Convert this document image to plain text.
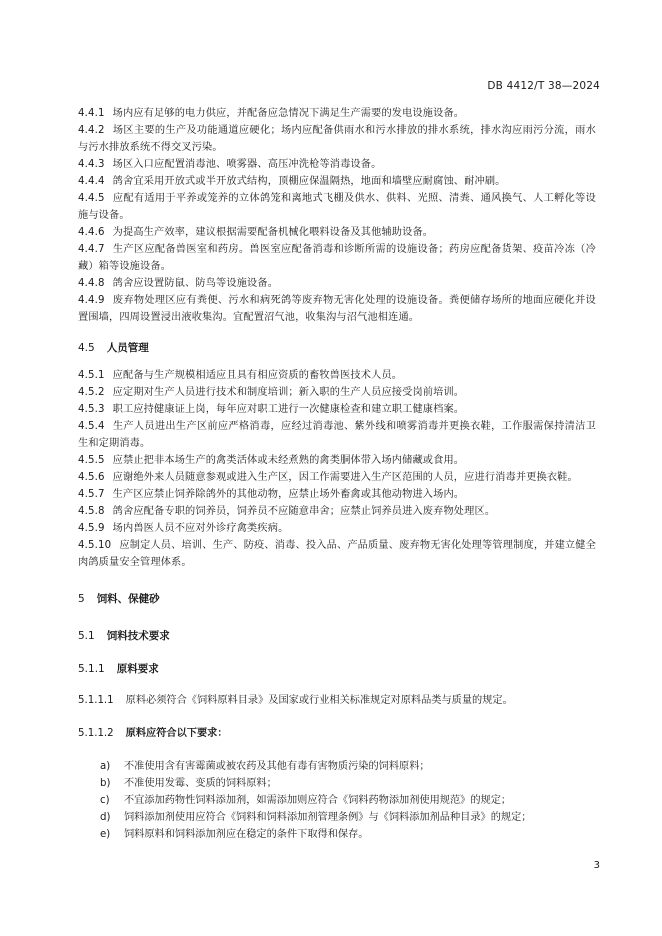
DB 4412/T 38—2024

4.4.1 场内应有足够的电力供应，并配备应急情况下满足生产需要的发电设施设备。

4.4.2 场区主要的生产及功能通道应硬化；场内应配备供雨水和污水排放的排水系统，排水沟应雨污分流，雨水与污水排放系统不得交叉污染。

4.4.3 场区入口应配置消毒池、喷雾器、高压冲洗枪等消毒设备。

4.4.4 鸽舍宜采用开放式或半开放式结构，顶棚应保温隔热，地面和墙壁应耐腐蚀、耐冲刷。

4.4.5 应配有适用于平养或笼养的立体鸽笼和离地式飞棚及供水、供料、光照、清粪、通风换气、人工孵化等设施与设备。

4.4.6 为提高生产效率，建议根据需要配备机械化喂料设备及其他辅助设备。

4.4.7 生产区应配备兽医室和药房。兽医室应配备消毒和诊断所需的设施设备；药房应配备货架、疫苗冷冻（冷藏）箱等设施设备。

4.4.8 鸽舍应设置防鼠、防鸟等设施设备。

4.4.9 废弃物处理区应有粪便、污水和病死鸽等废弃物无害化处理的设施设备。粪便储存场所的地面应硬化并设置围墙，四周设置浸出液收集沟。宜配置沼气池，收集沟与沼气池相连通。

4.5 人员管理

4.5.1 应配备与生产规模相适应且具有相应资质的畜牧兽医技术人员。

4.5.2 应定期对生产人员进行技术和制度培训；新入职的生产人员应接受岗前培训。

4.5.3 职工应持健康证上岗，每年应对职工进行一次健康检查和建立职工健康档案。

4.5.4 生产人员进出生产区前应严格消毒，应经过消毒池、紫外线和喷雾消毒并更换衣鞋，工作服需保持清洁卫生和定期消毒。

4.5.5 应禁止把非本场生产的禽类活体或未经煮熟的禽类胴体带入场内储藏或食用。

4.5.6 应谢绝外来人员随意参观或进入生产区，因工作需要进入生产区范围的人员，应进行消毒并更换衣鞋。

4.5.7 生产区应禁止饲养除鸽外的其他动物，应禁止场外畜禽或其他动物进入场内。

4.5.8 鸽舍应配备专职的饲养员，饲养员不应随意串舍；应禁止饲养员进入废弃物处理区。

4.5.9 场内兽医人员不应对外诊疗禽类疾病。

4.5.10 应制定人员、培训、生产、防疫、消毒、投入品、产品质量、废弃物无害化处理等管理制度，并建立健全肉鸽质量安全管理体系。

5 饲料、保健砂
5.1 饲料技术要求
5.1.1 原料要求

5.1.1.1 原料必须符合《饲料原料目录》及国家或行业相关标准规定对原料品类与质量的规定。

5.1.1.2 原料应符合以下要求：

a)	不准使用含有害霉菌或被农药及其他有毒有害物质污染的饲料原料；
b)	不准使用发霉、变质的饲料原料；
c)	不宜添加药物性饲料添加剂，如需添加则应符合《饲料药物添加剂使用规范》的规定；
d)	饲料添加剂使用应符合《饲料和饲料添加剂管理条例》与《饲料添加剂品种目录》的规定；
e)	饲料原料和饲料添加剂应在稳定的条件下取得和保存。
3
